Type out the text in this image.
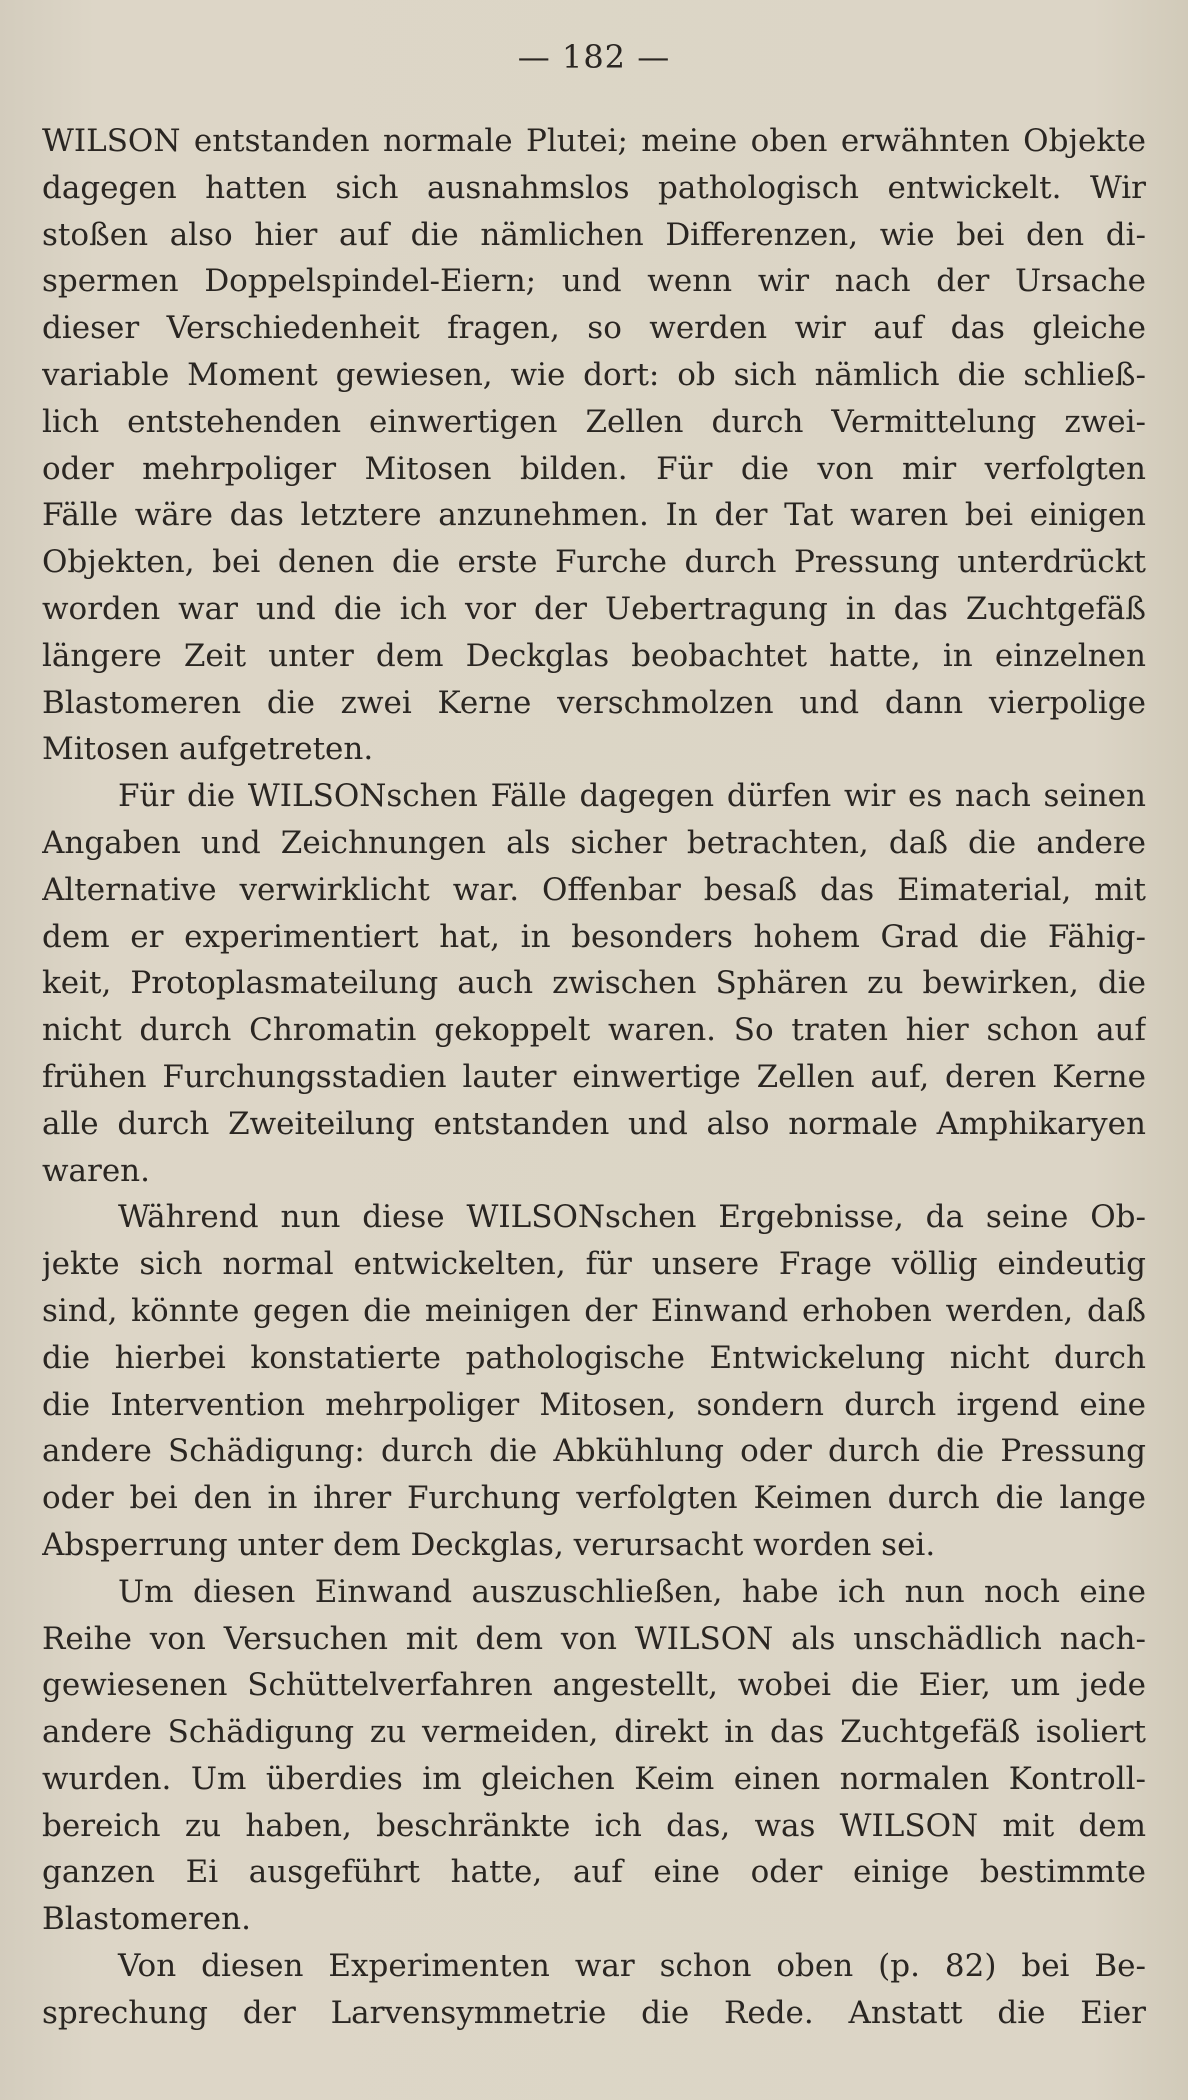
— 182 —
WILSON entstanden normale Plutei; meine oben erwähnten Objekte
dagegen hatten sich ausnahmslos pathologisch entwickelt. Wir
stoßen also hier auf die nämlichen Differenzen, wie bei den di-
spermen Doppelspindel-Eiern; und wenn wir nach der Ursache
dieser Verschiedenheit fragen, so werden wir auf das gleiche
variable Moment gewiesen, wie dort: ob sich nämlich die schließ-
lich entstehenden einwertigen Zellen durch Vermittelung zwei-
oder mehrpoliger Mitosen bilden. Für die von mir verfolgten
Fälle wäre das letztere anzunehmen. In der Tat waren bei einigen
Objekten, bei denen die erste Furche durch Pressung unterdrückt
worden war und die ich vor der Uebertragung in das Zuchtgefäß
längere Zeit unter dem Deckglas beobachtet hatte, in einzelnen
Blastomeren die zwei Kerne verschmolzen und dann vierpolige
Mitosen aufgetreten.
Für die WILSONschen Fälle dagegen dürfen wir es nach seinen
Angaben und Zeichnungen als sicher betrachten, daß die andere
Alternative verwirklicht war. Offenbar besaß das Eimaterial, mit
dem er experimentiert hat, in besonders hohem Grad die Fähig-
keit, Protoplasmateilung auch zwischen Sphären zu bewirken, die
nicht durch Chromatin gekoppelt waren. So traten hier schon auf
frühen Furchungsstadien lauter einwertige Zellen auf, deren Kerne
alle durch Zweiteilung entstanden und also normale Amphikaryen
waren.
Während nun diese WILSONschen Ergebnisse, da seine Ob-
jekte sich normal entwickelten, für unsere Frage völlig eindeutig
sind, könnte gegen die meinigen der Einwand erhoben werden, daß
die hierbei konstatierte pathologische Entwickelung nicht durch
die Intervention mehrpoliger Mitosen, sondern durch irgend eine
andere Schädigung: durch die Abkühlung oder durch die Pressung
oder bei den in ihrer Furchung verfolgten Keimen durch die lange
Absperrung unter dem Deckglas, verursacht worden sei.
Um diesen Einwand auszuschließen, habe ich nun noch eine
Reihe von Versuchen mit dem von WILSON als unschädlich nach-
gewiesenen Schüttelverfahren angestellt, wobei die Eier, um jede
andere Schädigung zu vermeiden, direkt in das Zuchtgefäß isoliert
wurden. Um überdies im gleichen Keim einen normalen Kontroll-
bereich zu haben, beschränkte ich das, was WILSON mit dem
ganzen Ei ausgeführt hatte, auf eine oder einige bestimmte
Blastomeren.
Von diesen Experimenten war schon oben (p. 82) bei Be-
sprechung der Larvensymmetrie die Rede. Anstatt die Eier
